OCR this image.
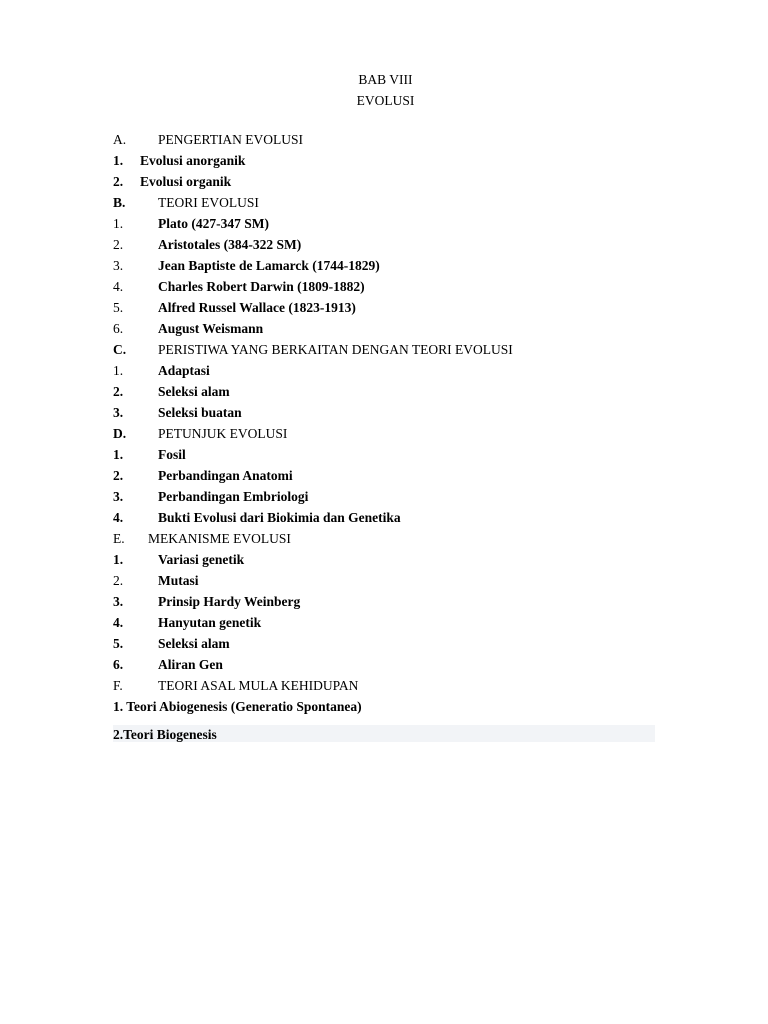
BAB VIII
EVOLUSI
A. PENGERTIAN EVOLUSI
1. Evolusi anorganik
2. Evolusi organik
B. TEORI EVOLUSI
1.	Plato (427-347 SM)
2.	Aristotales (384-322 SM)
3.	Jean Baptiste de Lamarck (1744-1829)
4.	Charles Robert Darwin (1809-1882)
5.	Alfred Russel Wallace (1823-1913)
6.	August Weismann
C. PERISTIWA YANG BERKAITAN DENGAN TEORI EVOLUSI
1.	Adaptasi
2.	Seleksi alam
3.	Seleksi buatan
D. PETUNJUK EVOLUSI
1.	Fosil
2.	Perbandingan Anatomi
3.	Perbandingan Embriologi
4.	Bukti Evolusi dari Biokimia dan Genetika
E. MEKANISME EVOLUSI
1.	Variasi genetik
2.	Mutasi
3.	Prinsip Hardy Weinberg
4.	Hanyutan genetik
5.	Seleksi alam
6.	Aliran Gen
F.	TEORI ASAL MULA KEHIDUPAN
1. Teori Abiogenesis (Generatio Spontanea)
2.Teori Biogenesis
